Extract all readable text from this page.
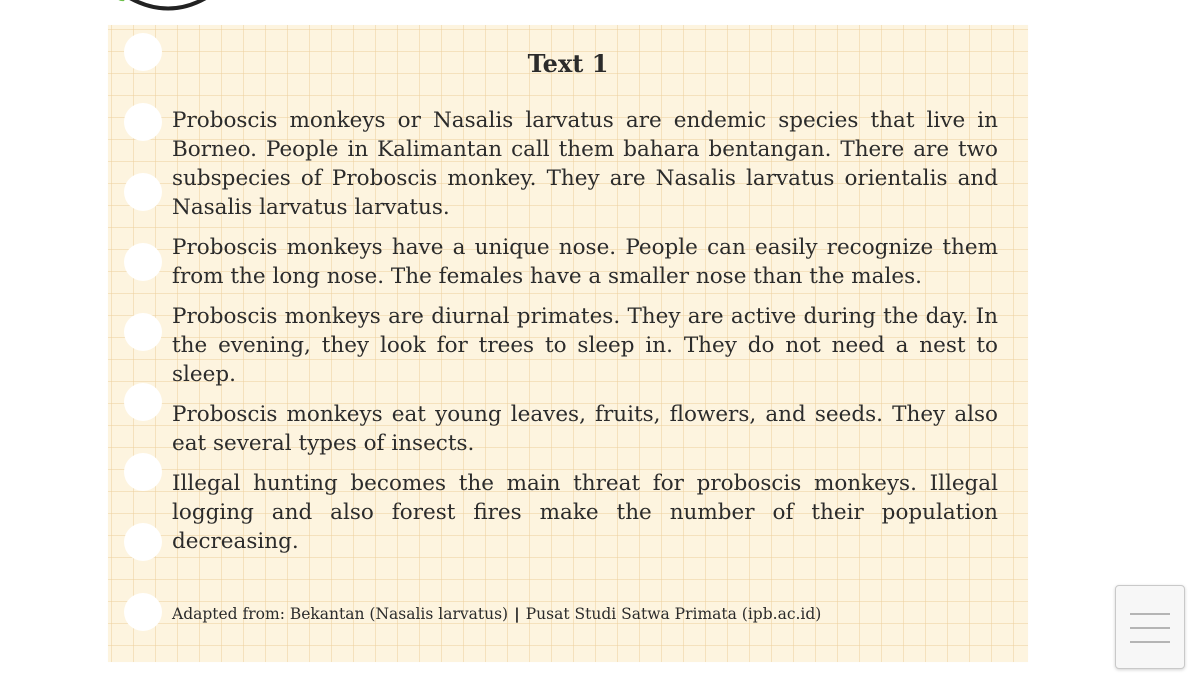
Text 1

Proboscis monkeys or Nasalis larvatus are endemic species that live in Borneo. People in Kalimantan call them bahara bentangan. There are two subspecies of Proboscis monkey. They are Nasalis larvatus orientalis and Nasalis larvatus larvatus.

Proboscis monkeys have a unique nose. People can easily recognize them from the long nose. The females have a smaller nose than the males.

Proboscis monkeys are diurnal primates. They are active during the day. In the evening, they look for trees to sleep in. They do not need a nest to sleep.

Proboscis monkeys eat young leaves, fruits, flowers, and seeds. They also eat several types of insects.

Illegal hunting becomes the main threat for proboscis monkeys. Illegal logging and also forest fires make the number of their population decreasing.

Adapted from: Bekantan (Nasalis larvatus) | Pusat Studi Satwa Primata (ipb.ac.id)
